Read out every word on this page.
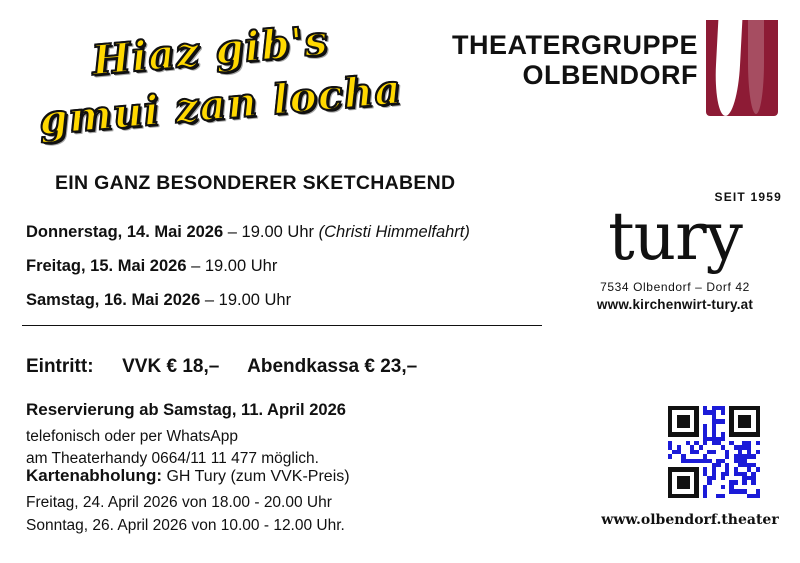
Hiaz gib's
gmui zan locha
EIN GANZ BESONDERER SKETCHABEND
Donnerstag, 14. Mai 2026 – 19.00 Uhr (Christi Himmelfahrt)
Freitag, 15. Mai 2026 – 19.00 Uhr
Samstag, 16. Mai 2026 – 19.00 Uhr
Eintritt: VVK € 18,– Abendkassa € 23,–
Reservierung ab Samstag, 11. April 2026
telefonisch oder per WhatsApp
am Theaterhandy 0664/11 11 477 möglich.
Kartenabholung: GH Tury (zum VVK-Preis)
Freitag, 24. April 2026 von 18.00 - 20.00 Uhr
Sonntag, 26. April 2026 von 10.00 - 12.00 Uhr.
THEATERGRUPPE
OLBENDORF
SEIT 1959
tury
7534 Olbendorf – Dorf 42
www.kirchenwirt-tury.at
www.olbendorf.theater
